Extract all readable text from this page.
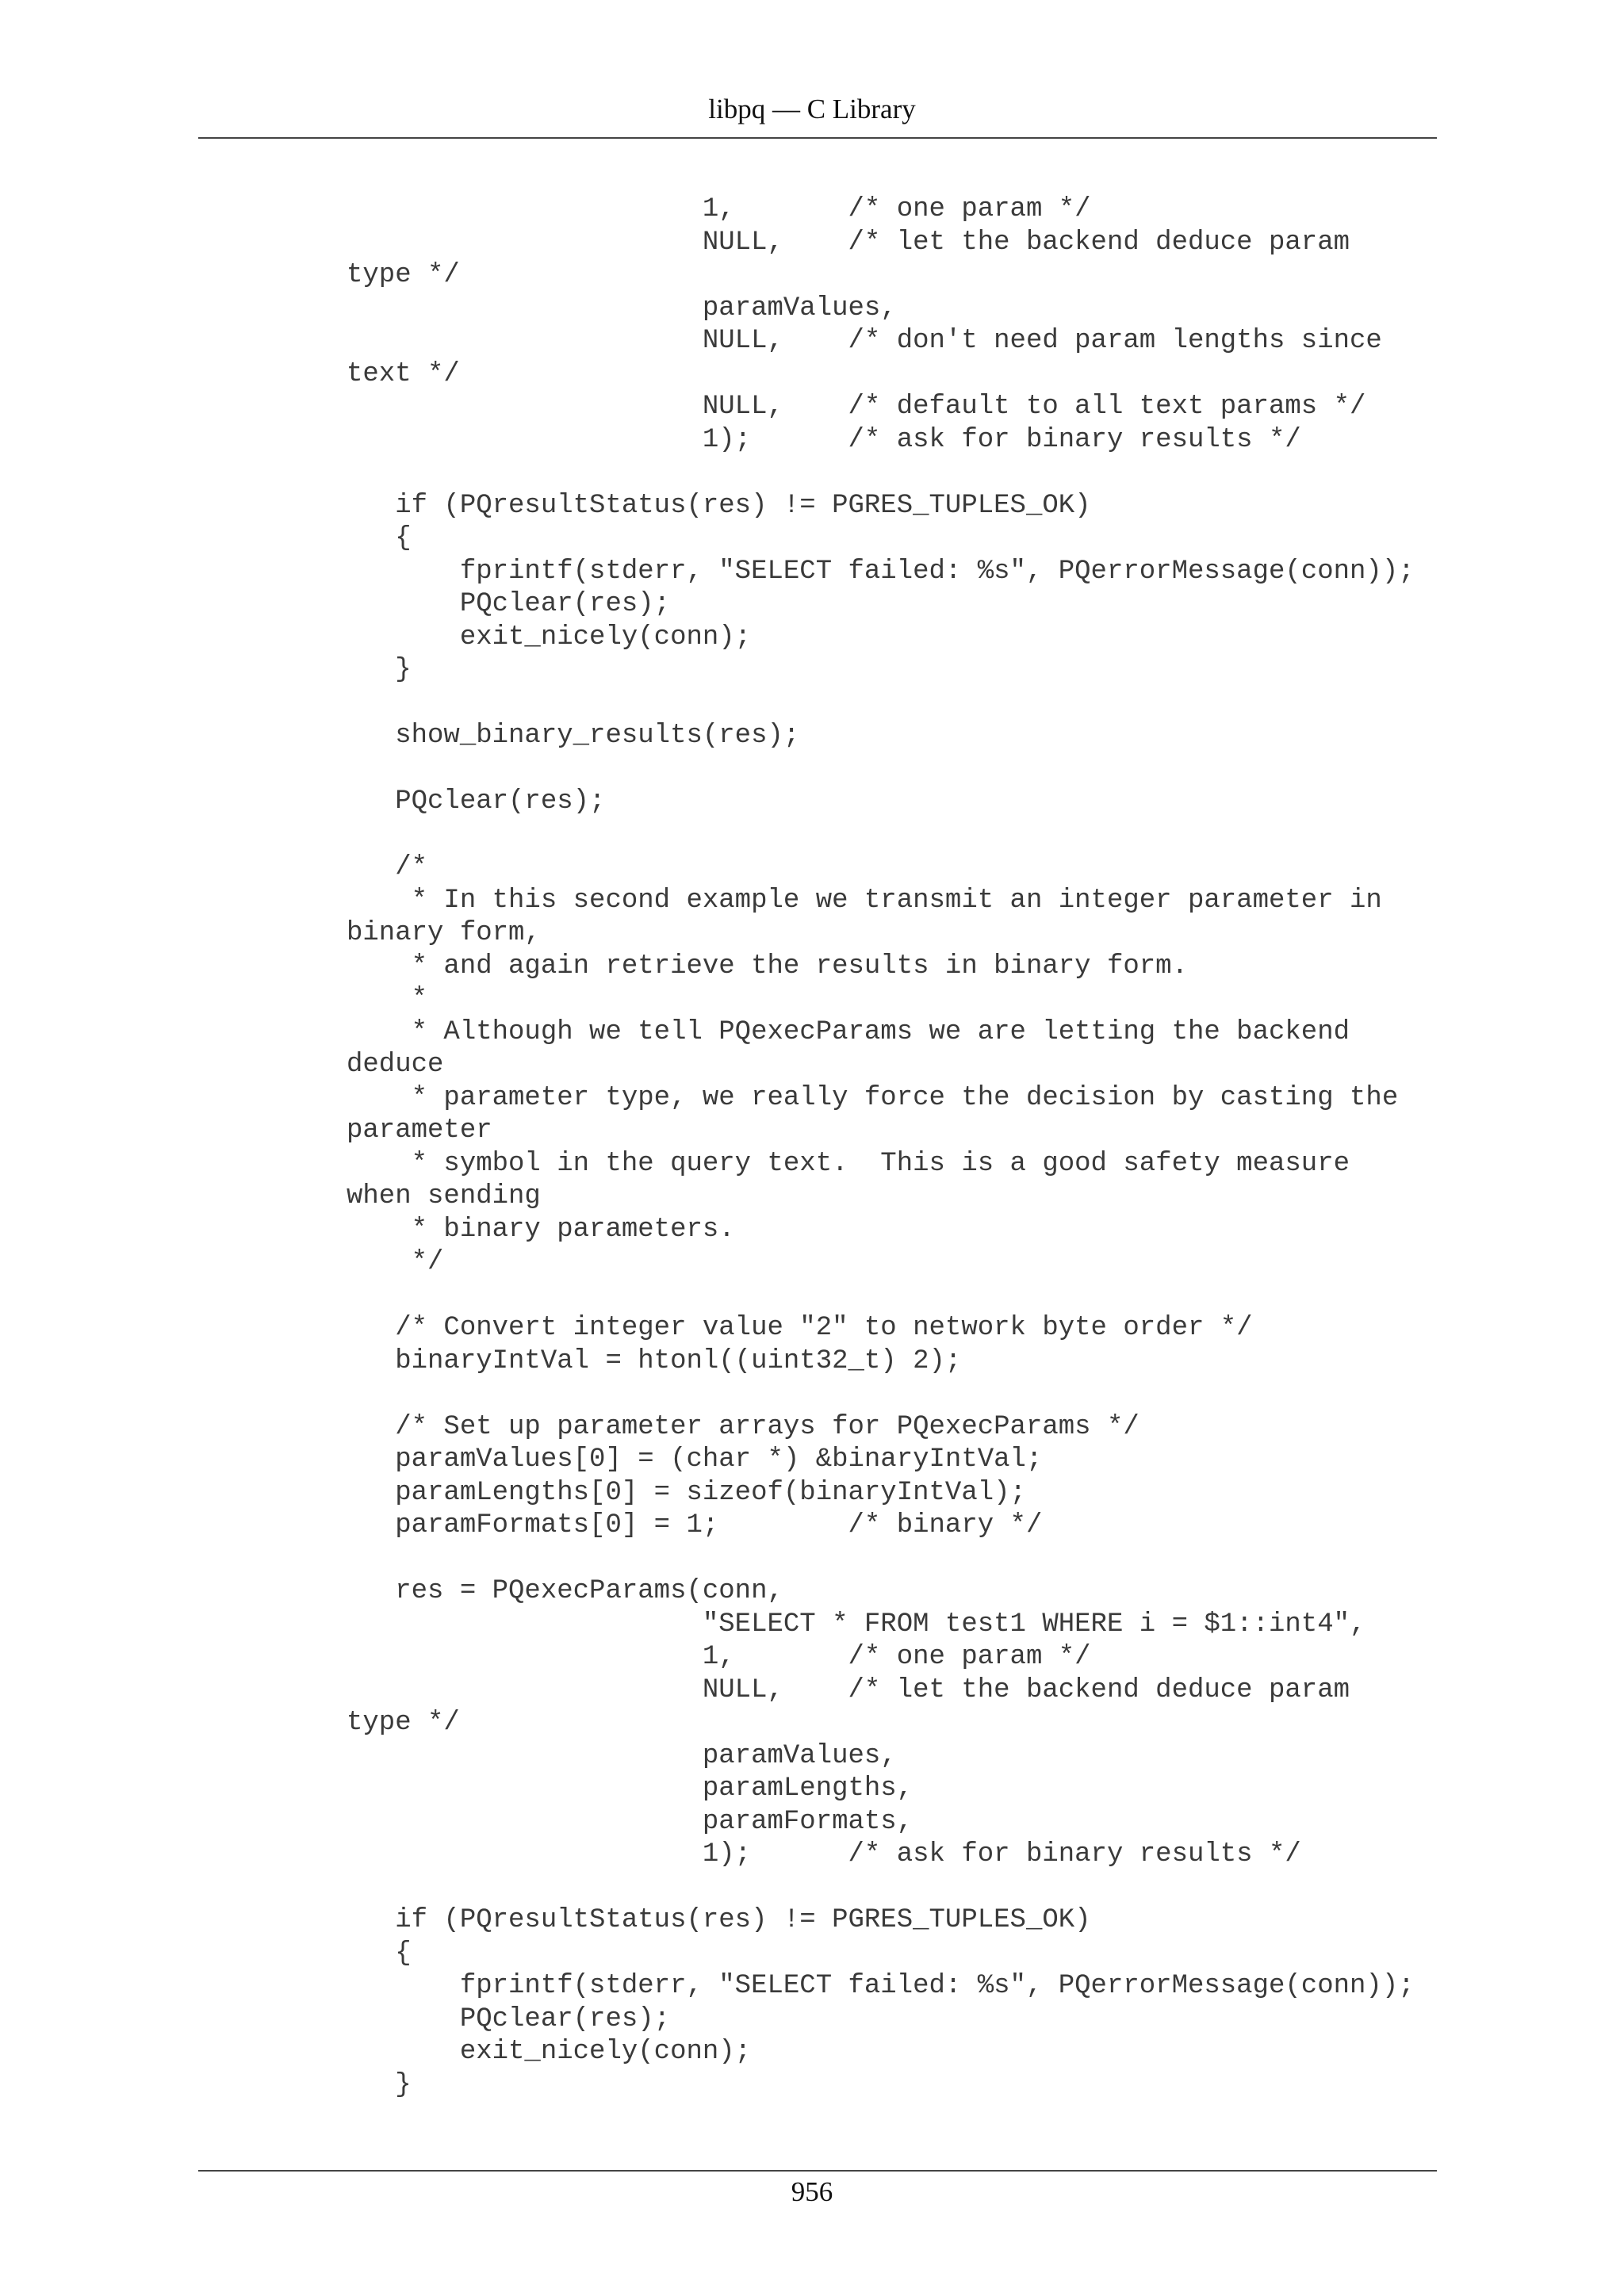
libpq — C Library
1,       /* one param */
NULL,    /* let the backend deduce param
type */
paramValues,
NULL,    /* don't need param lengths since
text */
NULL,    /* default to all text params */
1);      /* ask for binary results */
if (PQresultStatus(res) != PGRES_TUPLES_OK)
{
fprintf(stderr, "SELECT failed: %s", PQerrorMessage(conn));
PQclear(res);
exit_nicely(conn);
}
show_binary_results(res);
PQclear(res);
/*
* In this second example we transmit an integer parameter in
binary form,
* and again retrieve the results in binary form.
*
* Although we tell PQexecParams we are letting the backend
deduce
* parameter type, we really force the decision by casting the
parameter
* symbol in the query text.  This is a good safety measure
when sending
* binary parameters.
*/
/* Convert integer value "2" to network byte order */
binaryIntVal = htonl((uint32_t) 2);
/* Set up parameter arrays for PQexecParams */
paramValues[0] = (char *) &binaryIntVal;
paramLengths[0] = sizeof(binaryIntVal);
paramFormats[0] = 1;        /* binary */
res = PQexecParams(conn,
"SELECT * FROM test1 WHERE i = $1::int4",
1,       /* one param */
NULL,    /* let the backend deduce param
type */
paramValues,
paramLengths,
paramFormats,
1);      /* ask for binary results */
if (PQresultStatus(res) != PGRES_TUPLES_OK)
{
fprintf(stderr, "SELECT failed: %s", PQerrorMessage(conn));
PQclear(res);
exit_nicely(conn);
}
956
